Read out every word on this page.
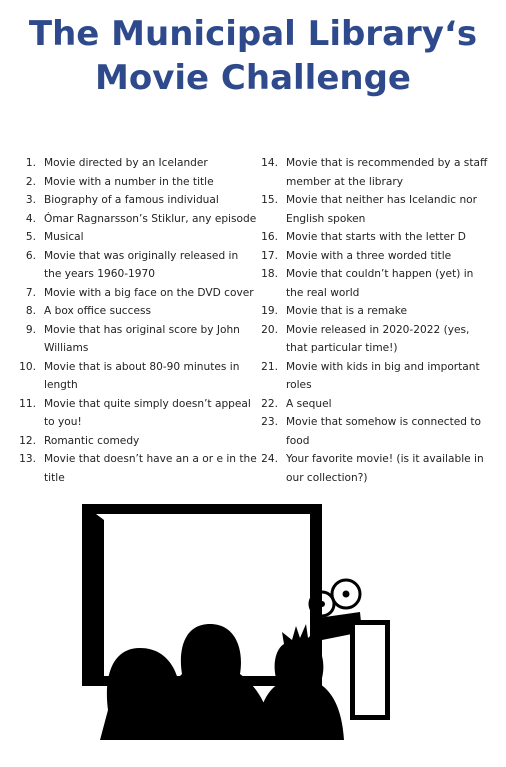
The Municipal Library‘s
Movie Challenge
1. Movie directed by an Icelander
2. Movie with a number in the title
3. Biography of a famous individual
4. Ómar Ragnarsson’s Stiklur, any episode
5. Musical
6. Movie that was originally released in the years 1960-1970
7. Movie with a big face on the DVD cover
8. A box office success
9. Movie that has original score by John Williams
10. Movie that is about 80-90 minutes in length
11. Movie that quite simply doesn’t appeal to you!
12. Romantic comedy
13. Movie that doesn’t have an a or e in the title
14. Movie that is recommended by a staff member at the library
15. Movie that neither has Icelandic nor English spoken
16. Movie that starts with the letter D
17. Movie with a three worded title
18. Movie that couldn’t happen (yet) in the real world
19. Movie that is a remake
20. Movie released in 2020-2022 (yes, that particular time!)
21. Movie with kids in big and important roles
22. A sequel
23. Movie that somehow is connected to food
24. Your favorite movie! (is it available in our collection?)
